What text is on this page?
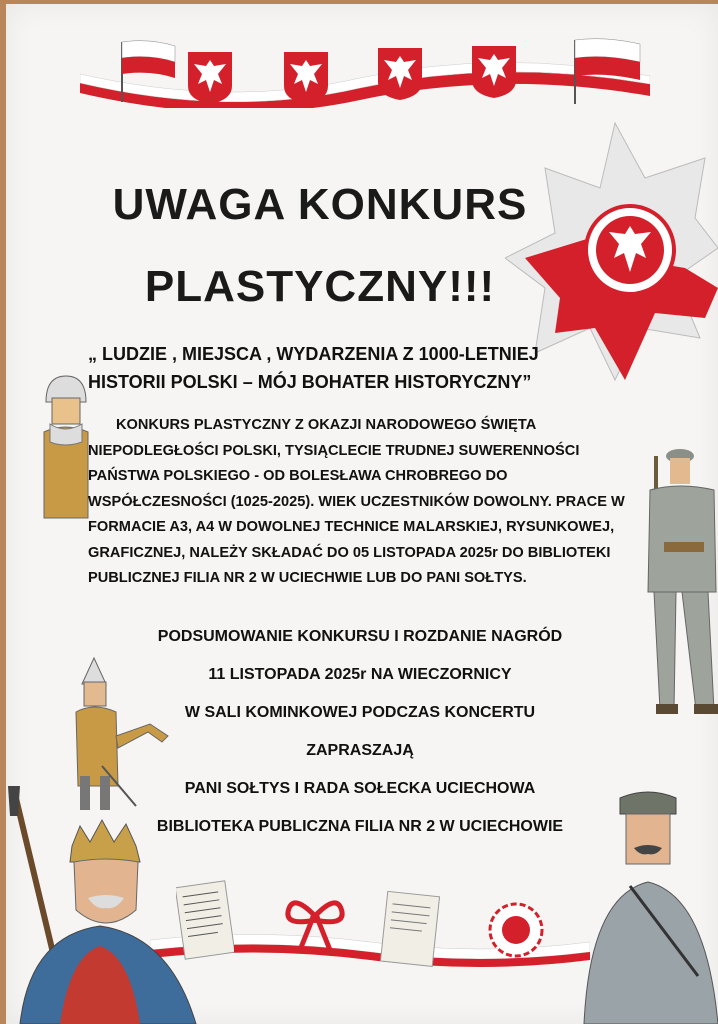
UWAGA KONKURS
PLASTYCZNY!!!
„ LUDZIE , MIEJSCA , WYDARZENIA Z 1000-LETNIEJ HISTORII POLSKI – MÓJ BOHATER HISTORYCZNY”
KONKURS PLASTYCZNY Z OKAZJI NARODOWEGO ŚWIĘTA NIEPODLEGŁOŚCI POLSKI, TYSIĄCLECIE TRUDNEJ SUWERENNOŚCI PAŃSTWA POLSKIEGO - OD BOLESŁAWA CHROBREGO DO WSPÓŁCZESNOŚCI (1025-2025). WIEK UCZESTNIKÓW DOWOLNY. PRACE W FORMACIE A3, A4 W DOWOLNEJ TECHNICE MALARSKIEJ, RYSUNKOWEJ, GRAFICZNEJ, NALEŻY SKŁADAĆ DO 05 LISTOPADA 2025r DO BIBLIOTEKI PUBLICZNEJ FILIA NR 2 W UCIECHWIE LUB DO PANI SOŁTYS.
PODSUMOWANIE KONKURSU I ROZDANIE NAGRÓD
11 LISTOPADA 2025r NA WIECZORNICY
W SALI KOMINKOWEJ PODCZAS KONCERTU
ZAPRASZAJĄ
PANI SOŁTYS I RADA SOŁECKA UCIECHOWA
BIBLIOTEKA PUBLICZNA FILIA NR 2 W UCIECHOWIE
